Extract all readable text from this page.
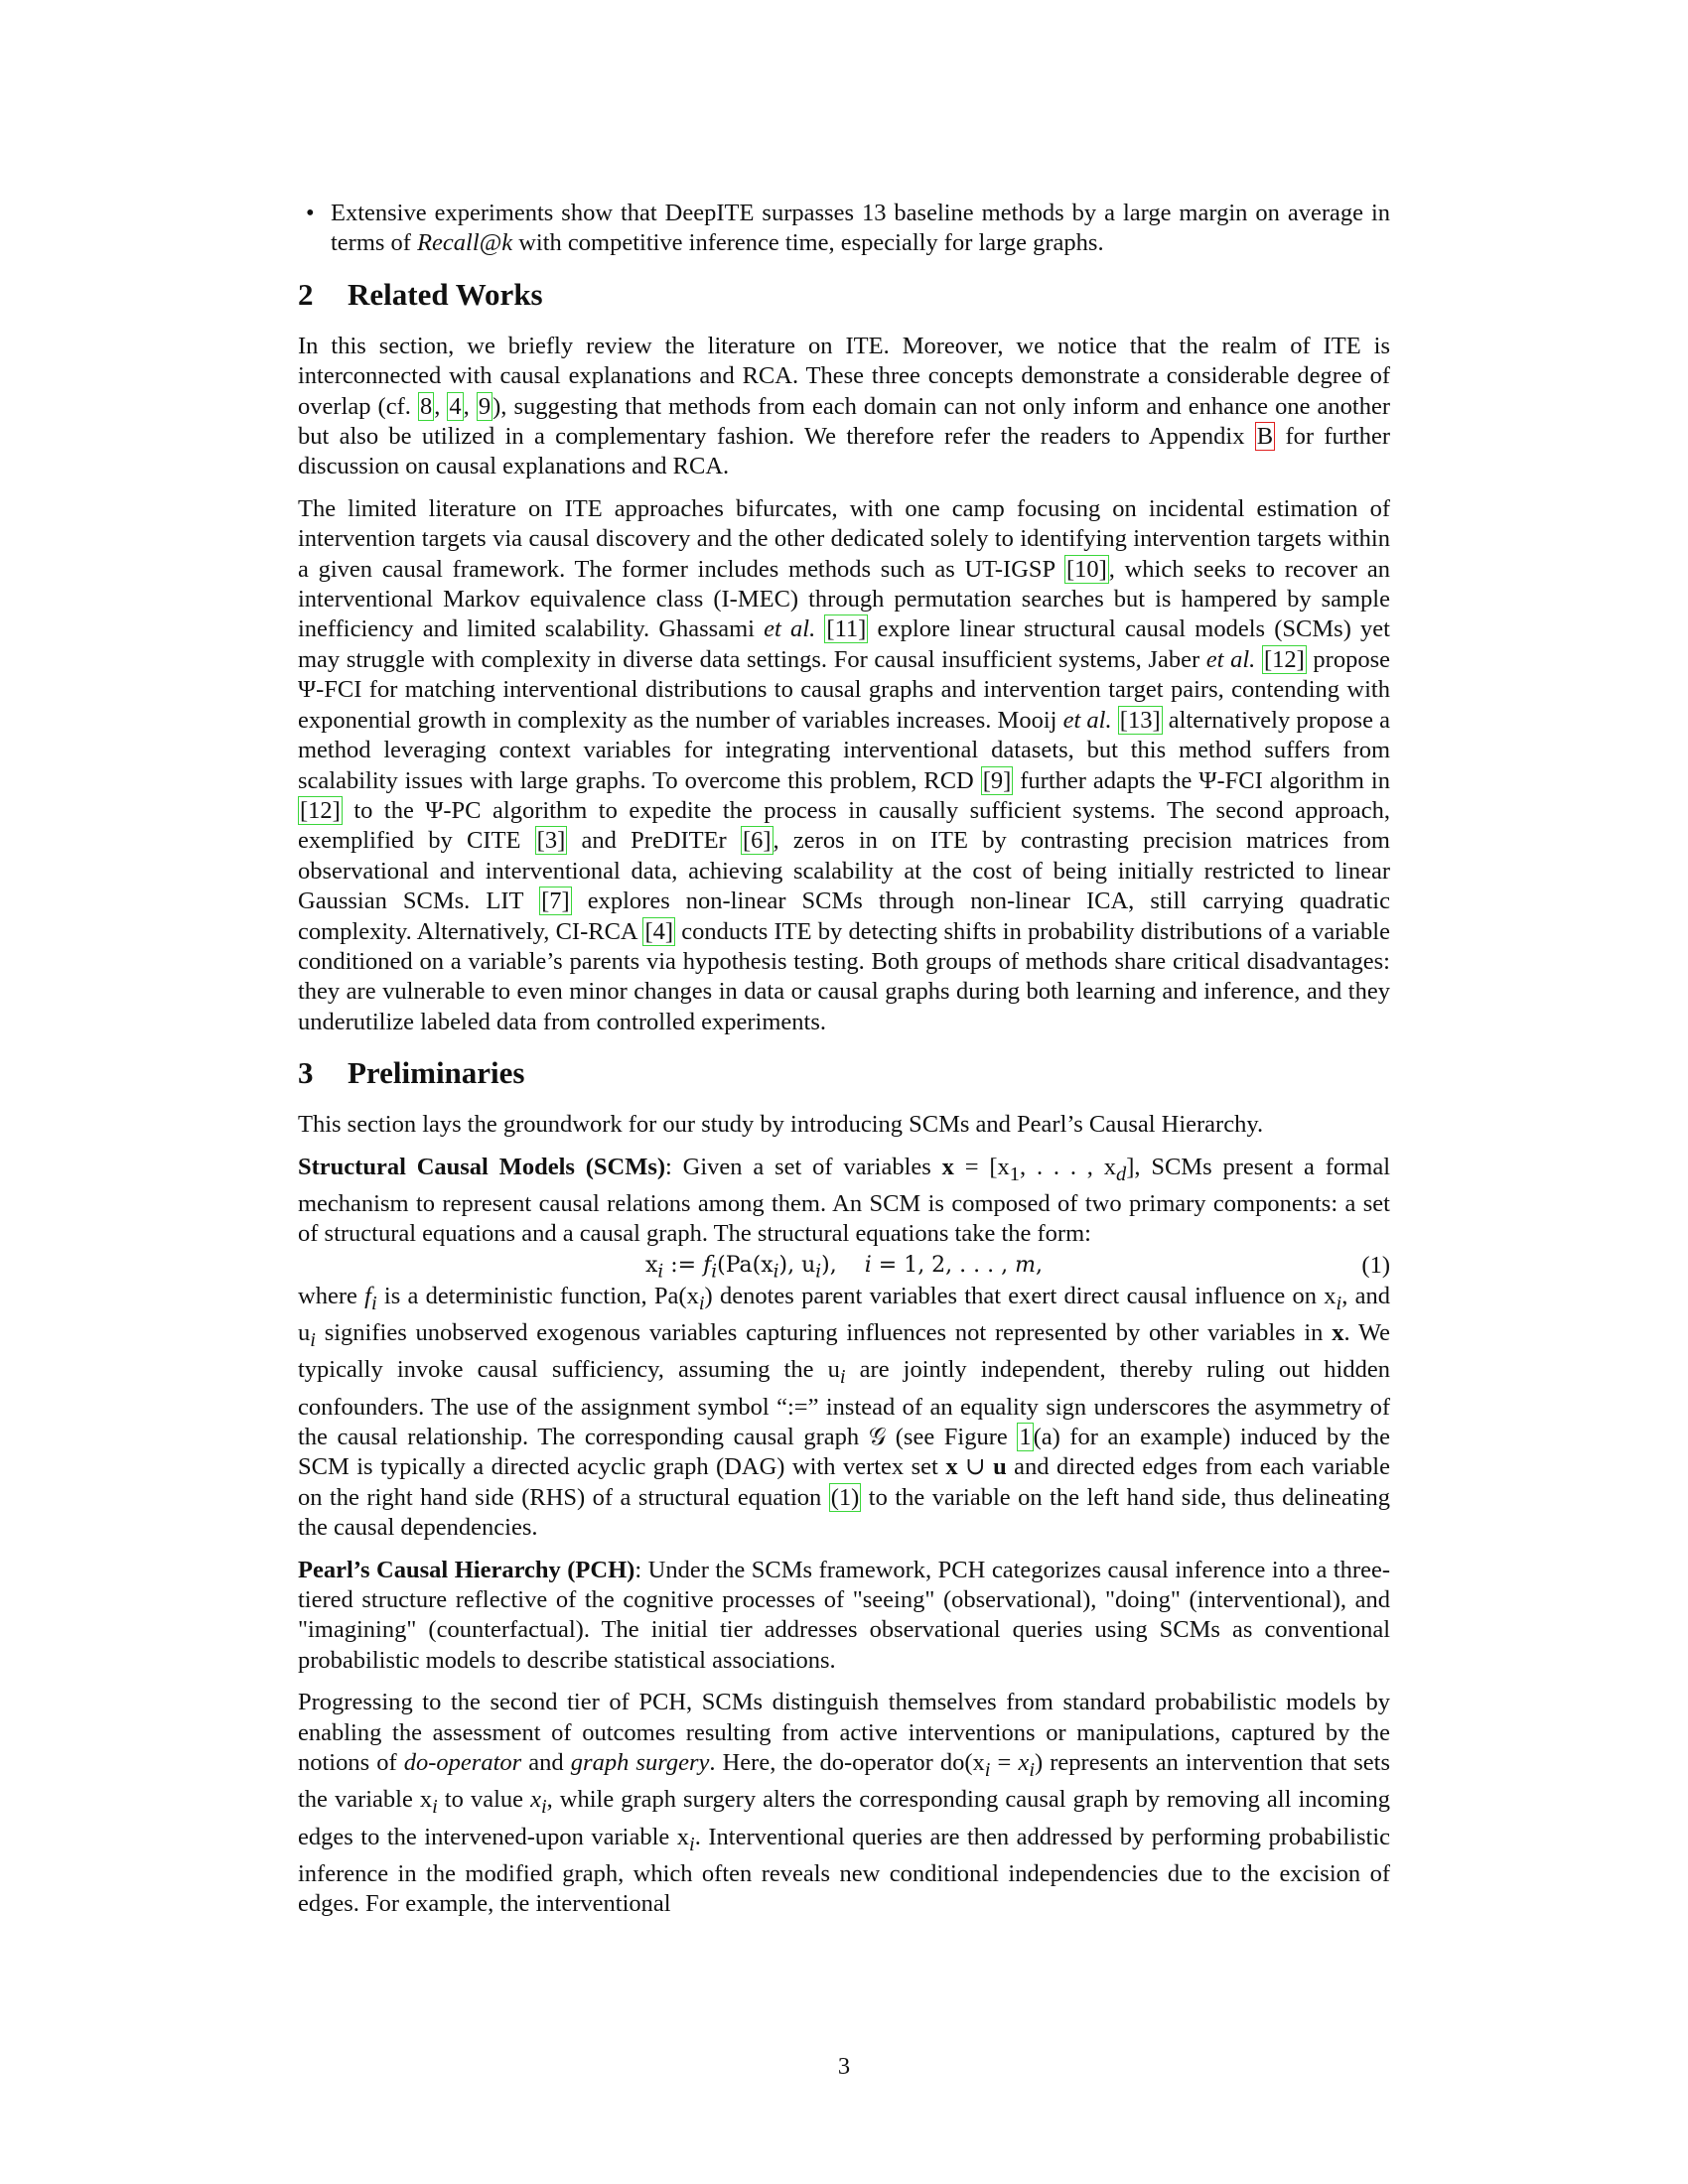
• Extensive experiments show that DeepITE surpasses 13 baseline methods by a large margin on average in terms of Recall@k with competitive inference time, especially for large graphs.
2 Related Works

In this section, we briefly review the literature on ITE. Moreover, we notice that the realm of ITE is interconnected with causal explanations and RCA. These three concepts demonstrate a considerable degree of overlap (cf. 8, 4, 9), suggesting that methods from each domain can not only inform and enhance one another but also be utilized in a complementary fashion. We therefore refer the readers to Appendix B for further discussion on causal explanations and RCA.

The limited literature on ITE approaches bifurcates, with one camp focusing on incidental estimation of intervention targets via causal discovery and the other dedicated solely to identifying intervention targets within a given causal framework. The former includes methods such as UT-IGSP [10], which seeks to recover an interventional Markov equivalence class (I-MEC) through permutation searches but is hampered by sample inefficiency and limited scalability. Ghassami et al. [11] explore linear structural causal models (SCMs) yet may struggle with complexity in diverse data settings. For causal insufficient systems, Jaber et al. [12] propose Ψ-FCI for matching interventional distributions to causal graphs and intervention target pairs, contending with exponential growth in complexity as the number of variables increases. Mooij et al. [13] alternatively propose a method leveraging context variables for integrating interventional datasets, but this method suffers from scalability issues with large graphs. To overcome this problem, RCD [9] further adapts the Ψ-FCI algorithm in [12] to the Ψ-PC algorithm to expedite the process in causally sufficient systems. The second approach, exemplified by CITE [3] and PreDITEr [6], zeros in on ITE by contrasting precision matrices from observational and interventional data, achieving scalability at the cost of being initially restricted to linear Gaussian SCMs. LIT [7] explores non-linear SCMs through non-linear ICA, still carrying quadratic complexity. Alternatively, CI-RCA [4] conducts ITE by detecting shifts in probability distributions of a variable conditioned on a variable’s parents via hypothesis testing. Both groups of methods share critical disadvantages: they are vulnerable to even minor changes in data or causal graphs during both learning and inference, and they underutilize labeled data from controlled experiments.

3 Preliminaries

This section lays the groundwork for our study by introducing SCMs and Pearl’s Causal Hierarchy.

Structural Causal Models (SCMs): Given a set of variables $x = [x_1$, . . . , $x_d$], SCMs present a formal mechanism to represent causal relations among them. An SCM is composed of two primary components: a set of structural equations and a causal graph. The structural equations take the form:

$x_i$ := $f_i(Pa(x_i)$, $u_i$),    i = 1, 2, . . . , m,	(1)

where $f_i$ is a deterministic function, $Pa(x_i)$ denotes parent variables that exert direct causal influence on $x_i$, and $u_i$ signifies unobserved exogenous variables capturing influences not represented by other variables in x. We typically invoke causal sufficiency, assuming the $u_i$ are jointly independent, thereby ruling out hidden confounders. The use of the assignment symbol “:=” instead of an equality sign underscores the asymmetry of the causal relationship. The corresponding causal graph 𝒢 (see Figure 1(a) for an example) induced by the SCM is typically a directed acyclic graph (DAG) with vertex set x ∪ u and directed edges from each variable on the right hand side (RHS) of a structural equation (1) to the variable on the left hand side, thus delineating the causal dependencies.

Pearl’s Causal Hierarchy (PCH): Under the SCMs framework, PCH categorizes causal inference into a three-tiered structure reflective of the cognitive processes of "seeing" (observational), "doing" (interventional), and "imagining" (counterfactual). The initial tier addresses observational queries using SCMs as conventional probabilistic models to describe statistical associations.

Progressing to the second tier of PCH, SCMs distinguish themselves from standard probabilistic models by enabling the assessment of outcomes resulting from active interventions or manipulations, captured by the notions of do-operator and graph surgery. Here, the do-operator $do(x_i = x_i)$ represents an intervention that sets the variable $x_i$ to value $x_i$, while graph surgery alters the corresponding causal graph by removing all incoming edges to the intervened-upon variable $x_i$. Interventional queries are then addressed by performing probabilistic inference in the modified graph, which often reveals new conditional independencies due to the excision of edges. For example, the interventional

3
